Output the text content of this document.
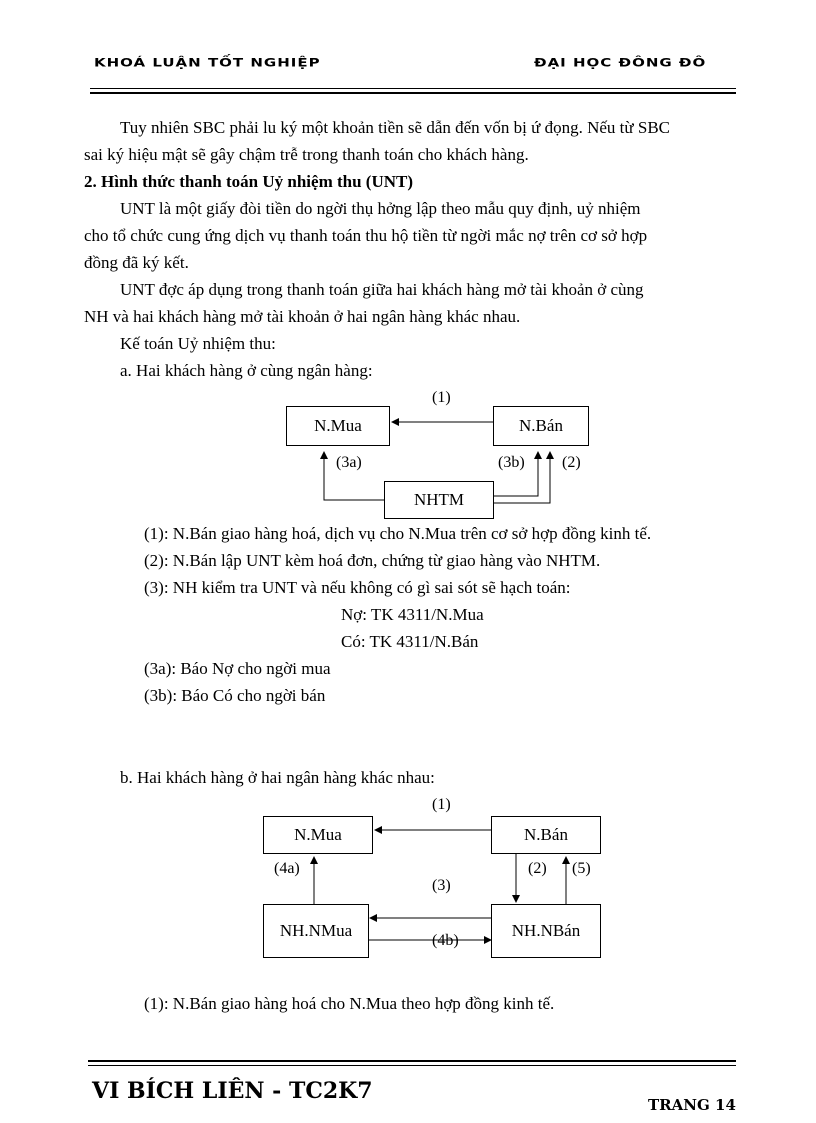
KHOÁ LUẬN TỐT NGHIỆP	ĐẠI HỌC ĐÔNG ĐÔ
Tuy nhiên SBC phải lu ký một khoản tiền sẽ dẫn đến vốn bị ứ đọng. Nếu từ SBC
sai ký hiệu mật sẽ gây chậm trễ trong thanh toán cho khách hàng.
2. Hình thức thanh toán Uỷ nhiệm thu (UNT)
UNT là một giấy đòi tiền do ngời thụ hởng lập theo mẫu quy định, uỷ nhiệm
cho tổ chức cung ứng dịch vụ thanh toán thu hộ tiền từ ngời mắc nợ trên cơ sở hợp
đồng đã ký kết.
UNT đợc áp dụng trong thanh toán giữa hai khách hàng mở tài khoản ở cùng
NH và hai khách hàng mở tài khoản ở hai ngân hàng khác nhau.
Kế toán Uỷ nhiệm thu:
a. Hai khách hàng ở cùng ngân hàng:
N.Mua	N.Bán
NHTM
(1)
(3a)	(3b) (2)
(1): N.Bán giao hàng hoá, dịch vụ cho N.Mua trên cơ sở hợp đồng kinh tế.
(2): N.Bán lập UNT kèm hoá đơn, chứng từ giao hàng vào NHTM.
(3): NH kiểm tra UNT và nếu không có gì sai sót sẽ hạch toán:
Nợ: TK 4311/N.Mua
Có: TK 4311/N.Bán
(3a): Báo Nợ cho ngời mua
(3b): Báo Có cho ngời bán
b. Hai khách hàng ở hai ngân hàng khác nhau:
N.Mua	N.Bán
NH.NMua	NH.NBán
(1)
(4a)	(2) (5)
(3)
(4b)
(1): N.Bán giao hàng hoá cho N.Mua theo hợp đồng kinh tế.
VI BÍCH LIÊN - TC2K7
TRANG 14
